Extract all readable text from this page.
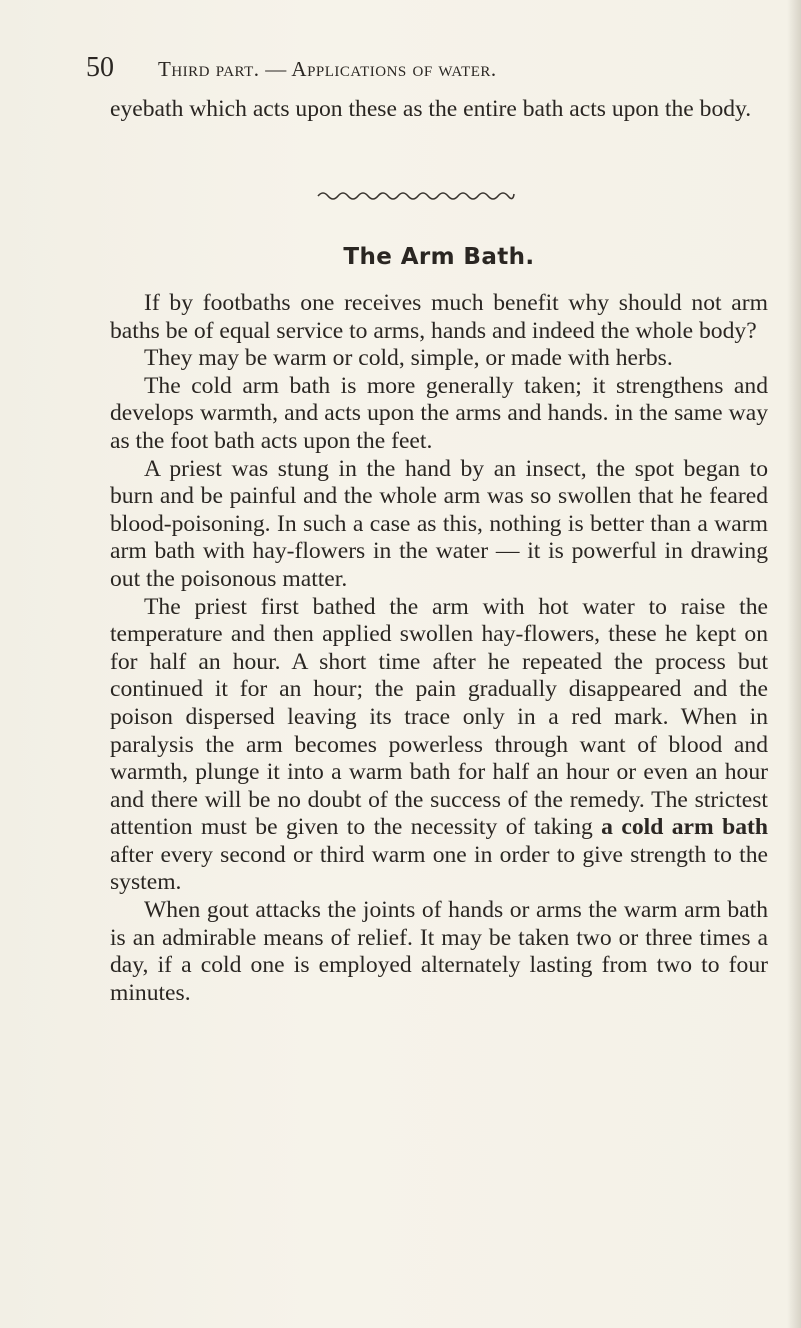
50	Third part. — Applications of water.

eyebath which acts upon these as the entire bath acts upon the body.

The Arm Bath.

If by footbaths one receives much benefit why should not arm baths be of equal service to arms, hands and indeed the whole body?

They may be warm or cold, simple, or made with herbs.

The cold arm bath is more generally taken; it strengthens and develops warmth, and acts upon the arms and hands. in the same way as the foot bath acts upon the feet.

A priest was stung in the hand by an insect, the spot began to burn and be painful and the whole arm was so swollen that he feared blood-poisoning. In such a case as this, nothing is better than a warm arm bath with hay-flowers in the water — it is powerful in drawing out the poisonous matter.

The priest first bathed the arm with hot water to raise the temperature and then applied swollen hay-flowers, these he kept on for half an hour. A short time after he repeated the process but continued it for an hour; the pain gradually disappeared and the poison dispersed leaving its trace only in a red mark. When in paralysis the arm becomes powerless through want of blood and warmth, plunge it into a warm bath for half an hour or even an hour and there will be no doubt of the success of the remedy. The strictest attention must be given to the necessity of taking a cold arm bath after every second or third warm one in order to give strength to the system.

When gout attacks the joints of hands or arms the warm arm bath is an admirable means of relief. It may be taken two or three times a day, if a cold one is employed alternately lasting from two to four minutes.
